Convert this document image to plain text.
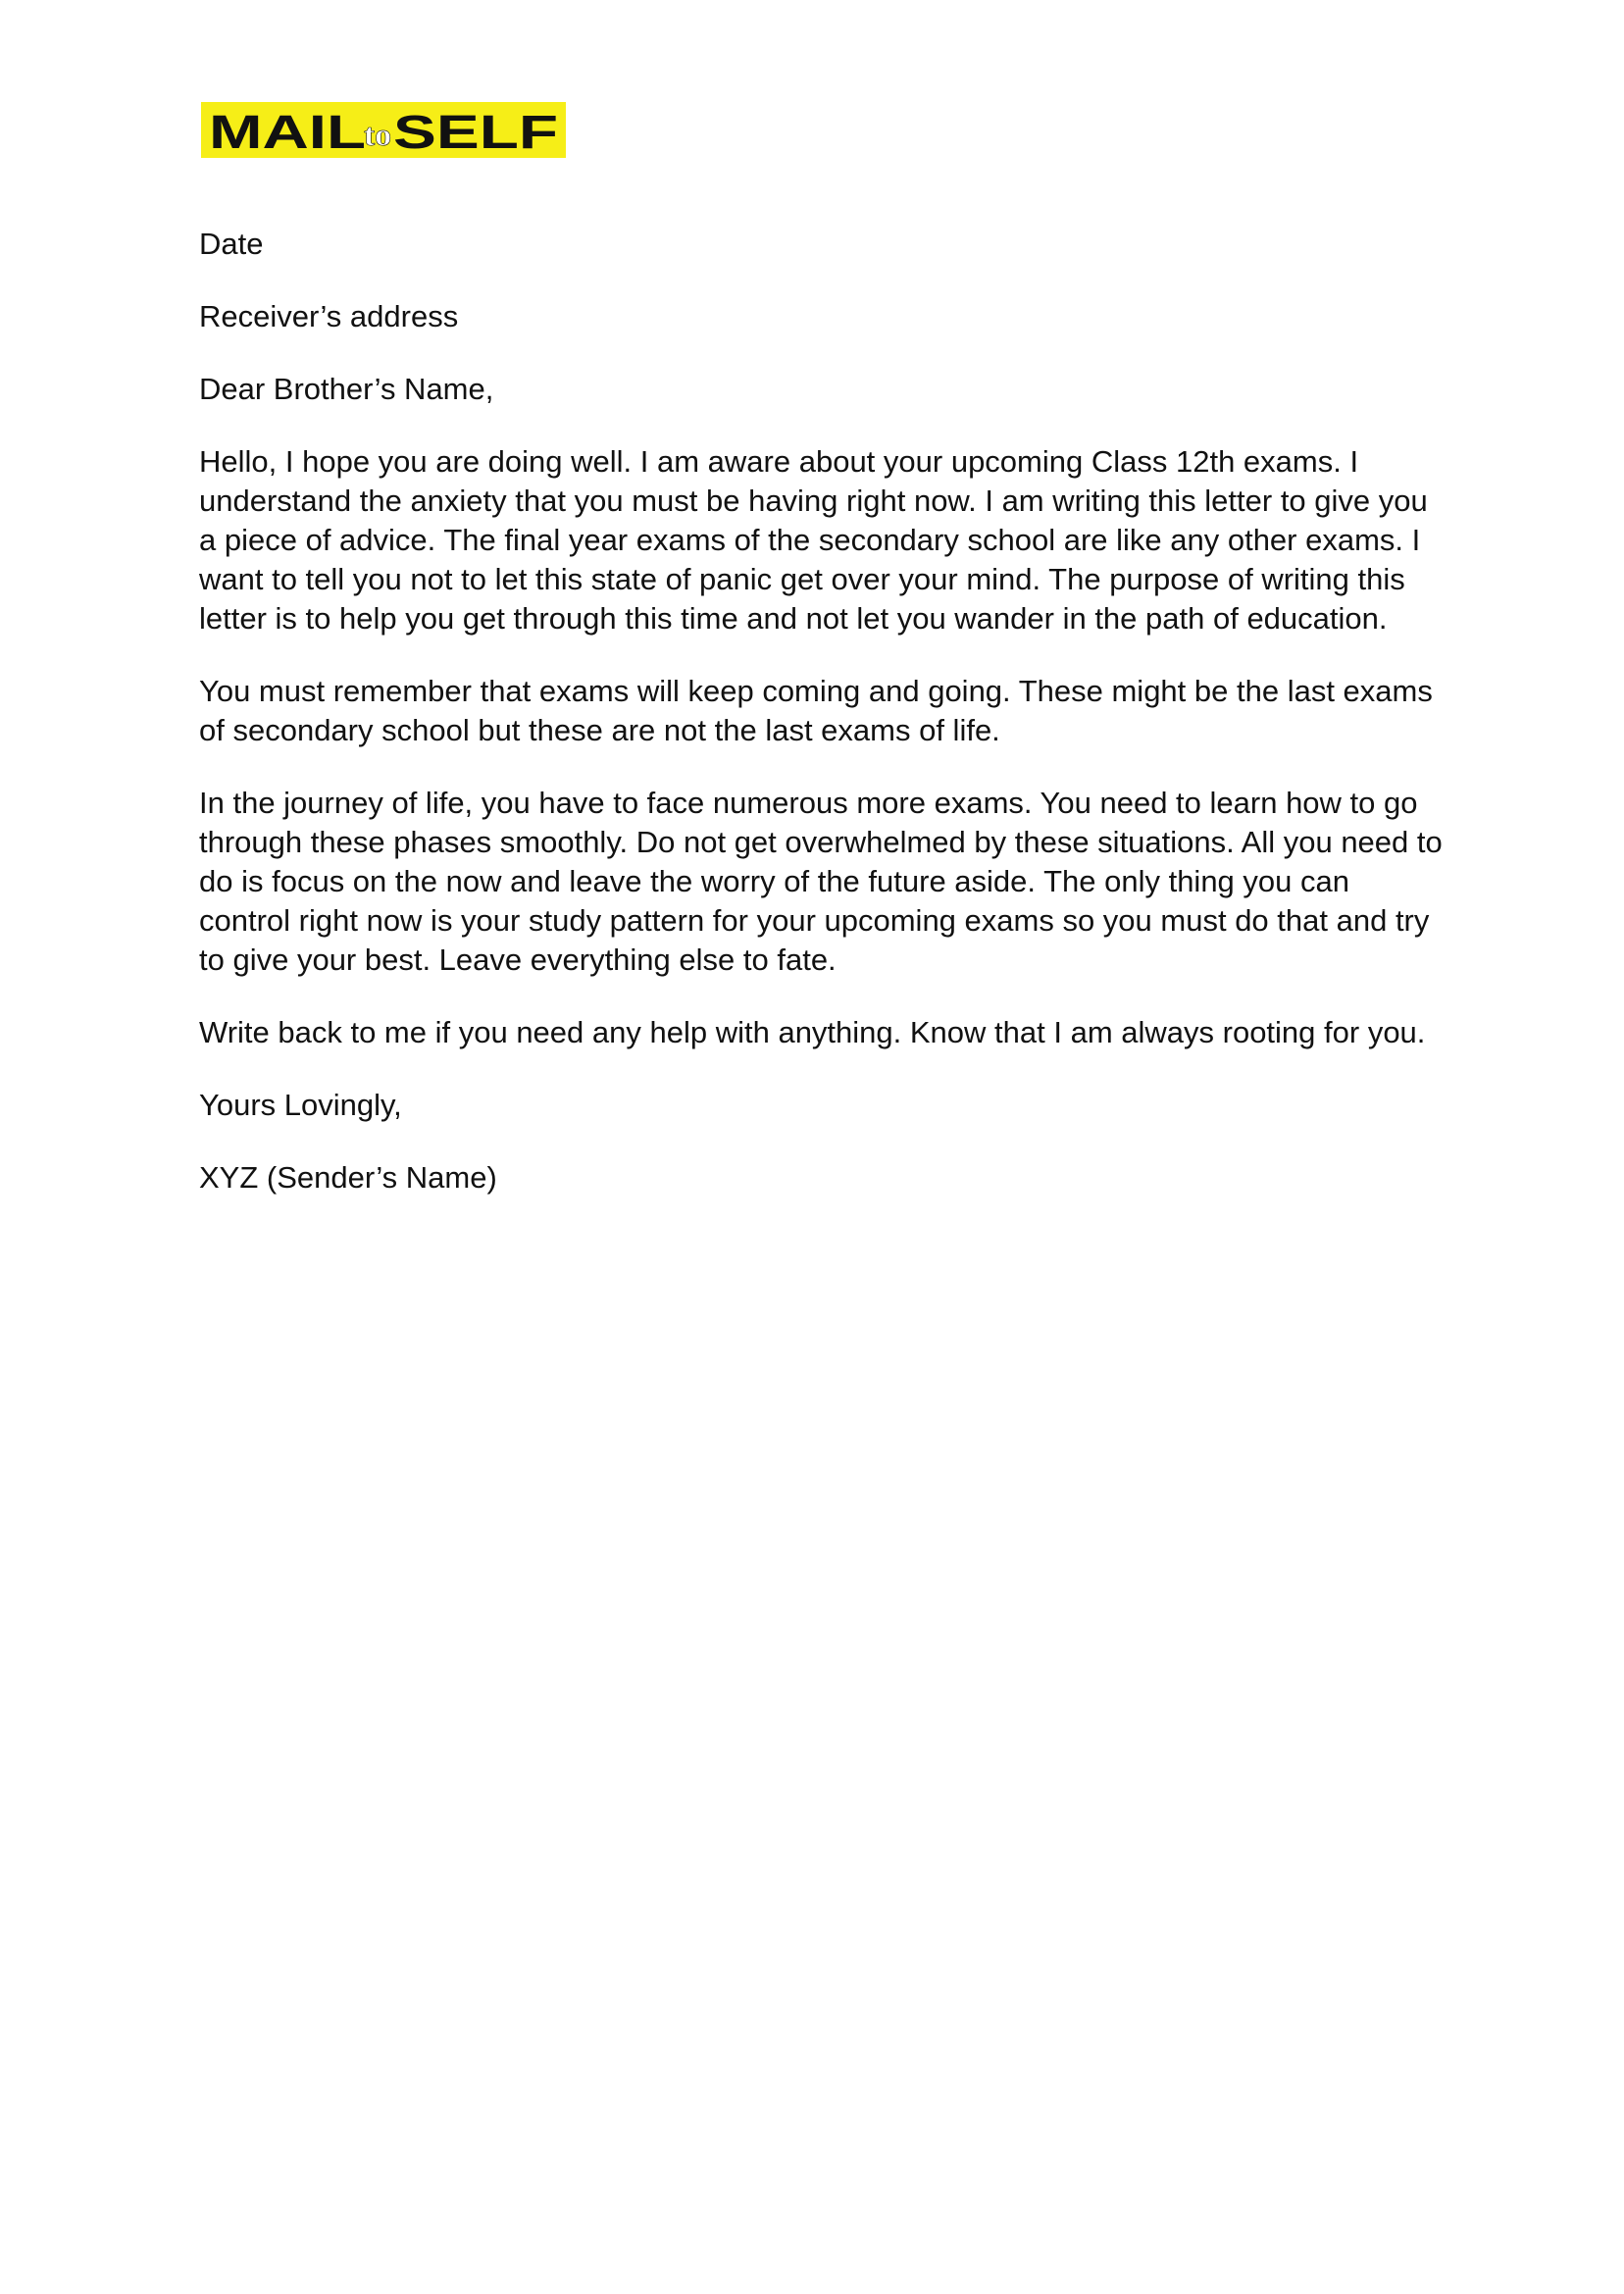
MAIL
to SELF

Date

Receiver’s address

Dear Brother’s Name,

Hello, I hope you are doing well. I am aware about your upcoming Class 12th exams. I
understand the anxiety that you must be having right now. I am writing this letter to give you
a piece of advice. The final year exams of the secondary school are like any other exams. I
want to tell you not to let this state of panic get over your mind. The purpose of writing this
letter is to help you get through this time and not let you wander in the path of education.

You must remember that exams will keep coming and going. These might be the last exams
of secondary school but these are not the last exams of life.

In the journey of life, you have to face numerous more exams. You need to learn how to go
through these phases smoothly. Do not get overwhelmed by these situations. All you need to
do is focus on the now and leave the worry of the future aside. The only thing you can
control right now is your study pattern for your upcoming exams so you must do that and try
to give your best. Leave everything else to fate.

Write back to me if you need any help with anything. Know that I am always rooting for you.

Yours Lovingly,

XYZ (Sender’s Name)
